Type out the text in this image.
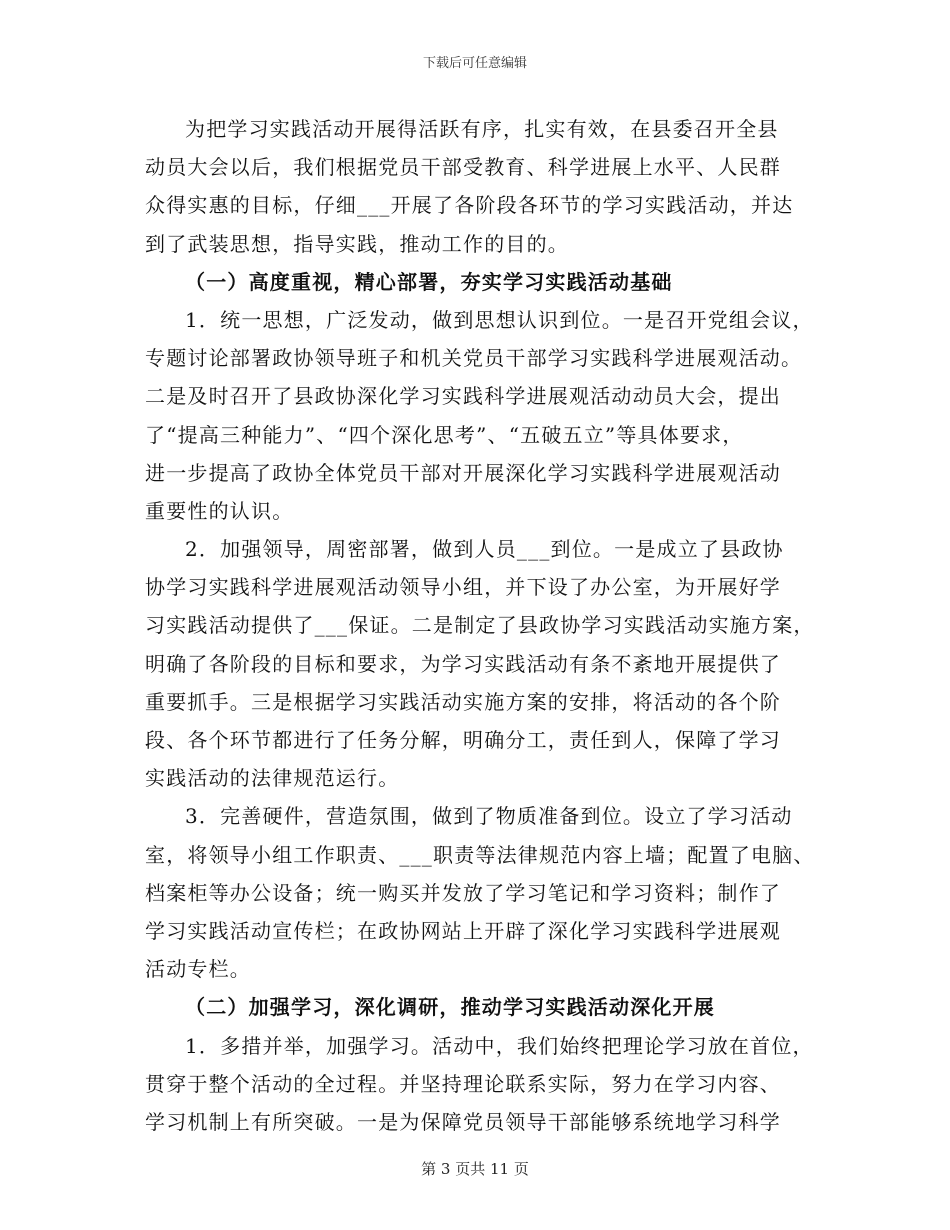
下载后可任意编辑
为把学习实践活动开展得活跃有序，扎实有效，在县委召开全县
动员大会以后，我们根据党员干部受教育、科学进展上水平、人民群
众得实惠的目标，仔细___开展了各阶段各环节的学习实践活动，并达
到了武装思想，指导实践，推动工作的目的。
（一）高度重视，精心部署，夯实学习实践活动基础
1．统一思想，广泛发动，做到思想认识到位。一是召开党组会议，
专题讨论部署政协领导班子和机关党员干部学习实践科学进展观活动。
二是及时召开了县政协深化学习实践科学进展观活动动员大会，提出
了“提高三种能力”、“四个深化思考”、“五破五立”等具体要求，
进一步提高了政协全体党员干部对开展深化学习实践科学进展观活动
重要性的认识。
2．加强领导，周密部署，做到人员___到位。一是成立了县政协
协学习实践科学进展观活动领导小组，并下设了办公室，为开展好学
习实践活动提供了___保证。二是制定了县政协学习实践活动实施方案，
明确了各阶段的目标和要求，为学习实践活动有条不紊地开展提供了
重要抓手。三是根据学习实践活动实施方案的安排，将活动的各个阶
段、各个环节都进行了任务分解，明确分工，责任到人，保障了学习
实践活动的法律规范运行。
3．完善硬件，营造氛围，做到了物质准备到位。设立了学习活动
室，将领导小组工作职责、___职责等法律规范内容上墙；配置了电脑、
档案柜等办公设备；统一购买并发放了学习笔记和学习资料；制作了
学习实践活动宣传栏；在政协网站上开辟了深化学习实践科学进展观
活动专栏。
（二）加强学习，深化调研，推动学习实践活动深化开展
1．多措并举，加强学习。活动中，我们始终把理论学习放在首位，
贯穿于整个活动的全过程。并坚持理论联系实际，努力在学习内容、
学习机制上有所突破。一是为保障党员领导干部能够系统地学习科学
第 3 页共 11 页
